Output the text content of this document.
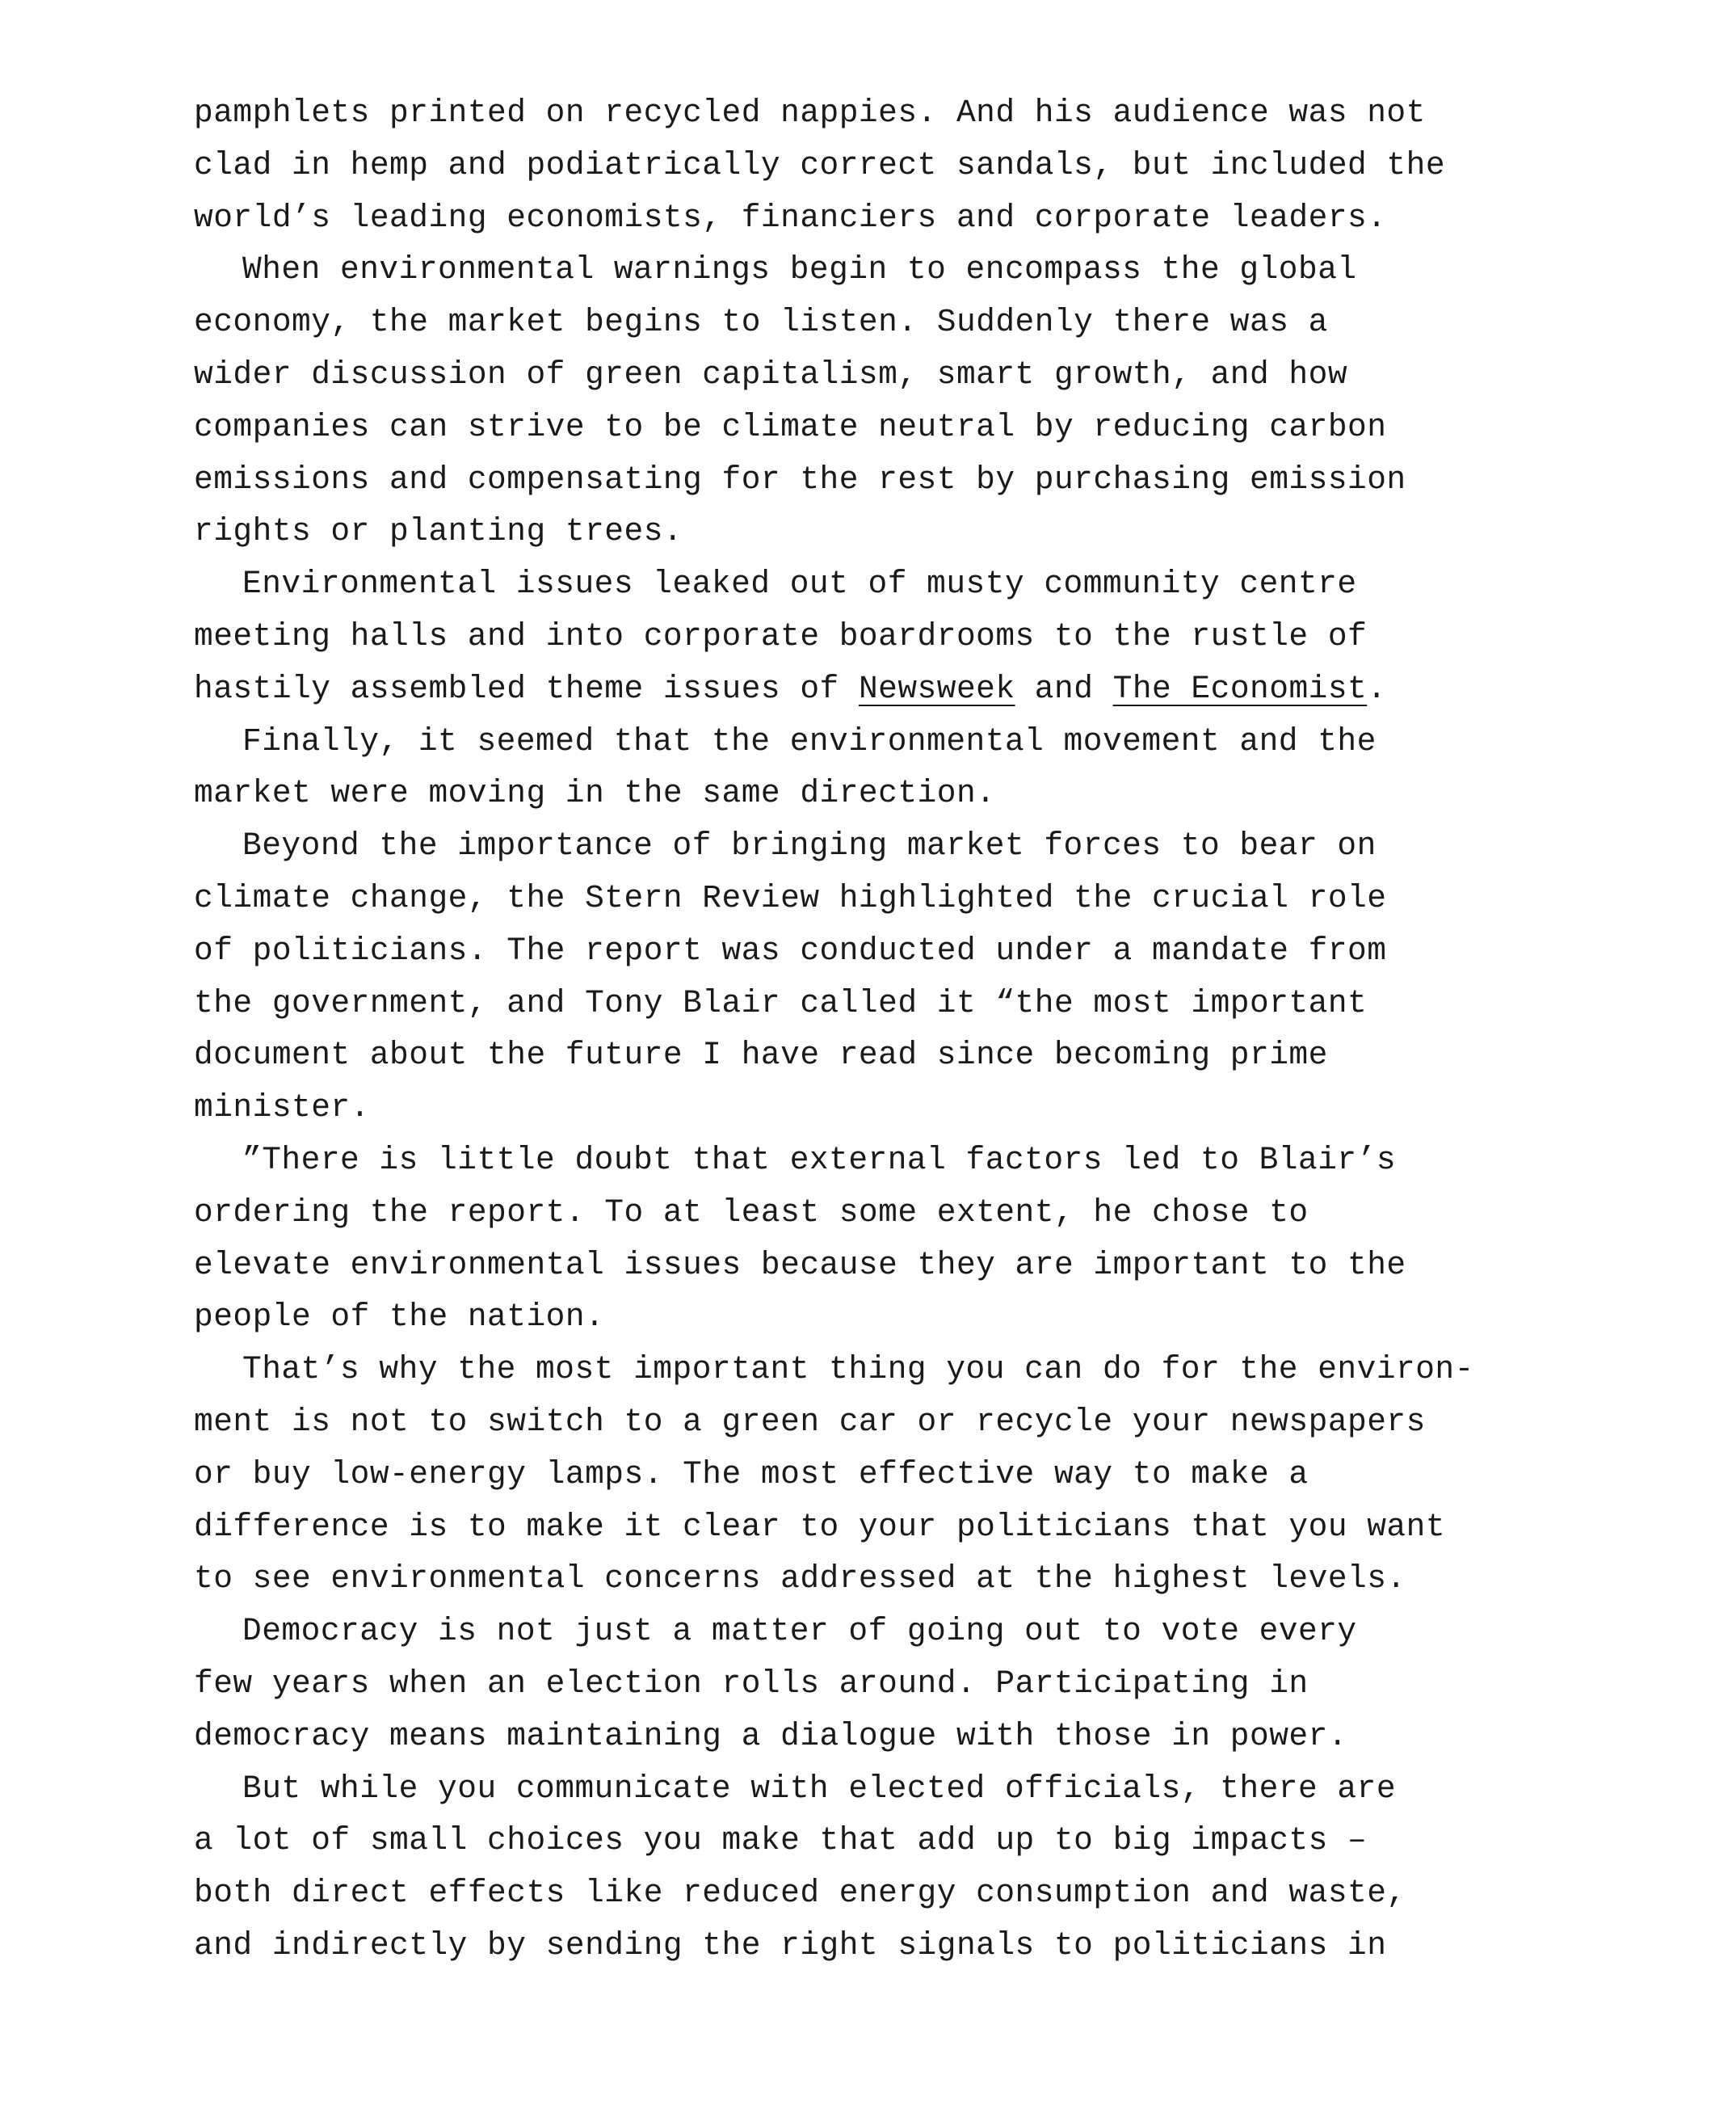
pamphlets printed on recycled nappies. And his audience was not
clad in hemp and podiatrically correct sandals, but included the
world’s leading economists, financiers and corporate leaders.
When environmental warnings begin to encompass the global
economy, the market begins to listen. Suddenly there was a
wider discussion of green capitalism, smart growth, and how
companies can strive to be climate neutral by reducing carbon
emissions and compensating for the rest by purchasing emission
rights or planting trees.
Environmental issues leaked out of musty community centre
meeting halls and into corporate boardrooms to the rustle of
hastily assembled theme issues of Newsweek and The Economist.
Finally, it seemed that the environmental movement and the
market were moving in the same direction.
Beyond the importance of bringing market forces to bear on
climate change, the Stern Review highlighted the crucial role
of politicians. The report was conducted under a mandate from
the government, and Tony Blair called it “the most important
document about the future I have read since becoming prime
minister.
”There is little doubt that external factors led to Blair’s
ordering the report. To at least some extent, he chose to
elevate environmental issues because they are important to the
people of the nation.
That’s why the most important thing you can do for the environ-
ment is not to switch to a green car or recycle your newspapers
or buy low-energy lamps. The most effective way to make a
difference is to make it clear to your politicians that you want
to see environmental concerns addressed at the highest levels.
Democracy is not just a matter of going out to vote every
few years when an election rolls around. Participating in
democracy means maintaining a dialogue with those in power.
But while you communicate with elected officials, there are
a lot of small choices you make that add up to big impacts –
both direct effects like reduced energy consumption and waste,
and indirectly by sending the right signals to politicians in
